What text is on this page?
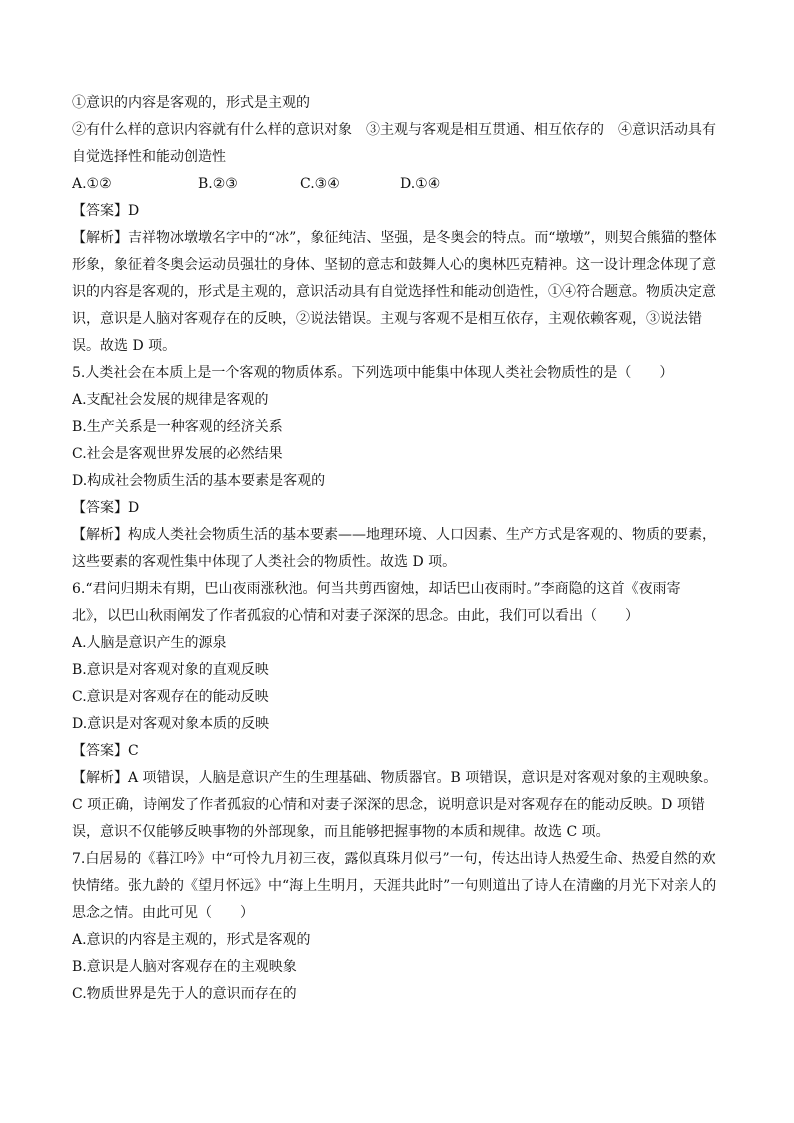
①意识的内容是客观的，形式是主观的
②有什么样的意识内容就有什么样的意识对象　③主观与客观是相互贯通、相互依存的　④意识活动具有
自觉选择性和能动创造性
A.①②	B.②③	C.③④	D.①④
【答案】D
【解析】吉祥物冰墩墩名字中的“冰”，象征纯洁、坚强，是冬奥会的特点。而“墩墩”，则契合熊猫的整体
形象，象征着冬奥会运动员强壮的身体、坚韧的意志和鼓舞人心的奥林匹克精神。这一设计理念体现了意
识的内容是客观的，形式是主观的，意识活动具有自觉选择性和能动创造性，①④符合题意。物质决定意
识，意识是人脑对客观存在的反映，②说法错误。主观与客观不是相互依存，主观依赖客观，③说法错
误。故选 D 项。
5.人类社会在本质上是一个客观的物质体系。下列选项中能集中体现人类社会物质性的是（　　）
A.支配社会发展的规律是客观的
B.生产关系是一种客观的经济关系
C.社会是客观世界发展的必然结果
D.构成社会物质生活的基本要素是客观的
【答案】D
【解析】构成人类社会物质生活的基本要素——地理环境、人口因素、生产方式是客观的、物质的要素，
这些要素的客观性集中体现了人类社会的物质性。故选 D 项。
6.“君问归期未有期，巴山夜雨涨秋池。何当共剪西窗烛，却话巴山夜雨时。”李商隐的这首《夜雨寄
北》，以巴山秋雨阐发了作者孤寂的心情和对妻子深深的思念。由此，我们可以看出（　　）
A.人脑是意识产生的源泉
B.意识是对客观对象的直观反映
C.意识是对客观存在的能动反映
D.意识是对客观对象本质的反映
【答案】C
【解析】A 项错误，人脑是意识产生的生理基础、物质器官。B 项错误，意识是对客观对象的主观映象。
C 项正确，诗阐发了作者孤寂的心情和对妻子深深的思念，说明意识是对客观存在的能动反映。D 项错
误，意识不仅能够反映事物的外部现象，而且能够把握事物的本质和规律。故选 C 项。
7.白居易的《暮江吟》中“可怜九月初三夜，露似真珠月似弓”一句，传达出诗人热爱生命、热爱自然的欢
快情绪。张九龄的《望月怀远》中“海上生明月，天涯共此时”一句则道出了诗人在清幽的月光下对亲人的
思念之情。由此可见（　　）
A.意识的内容是主观的，形式是客观的
B.意识是人脑对客观存在的主观映象
C.物质世界是先于人的意识而存在的
